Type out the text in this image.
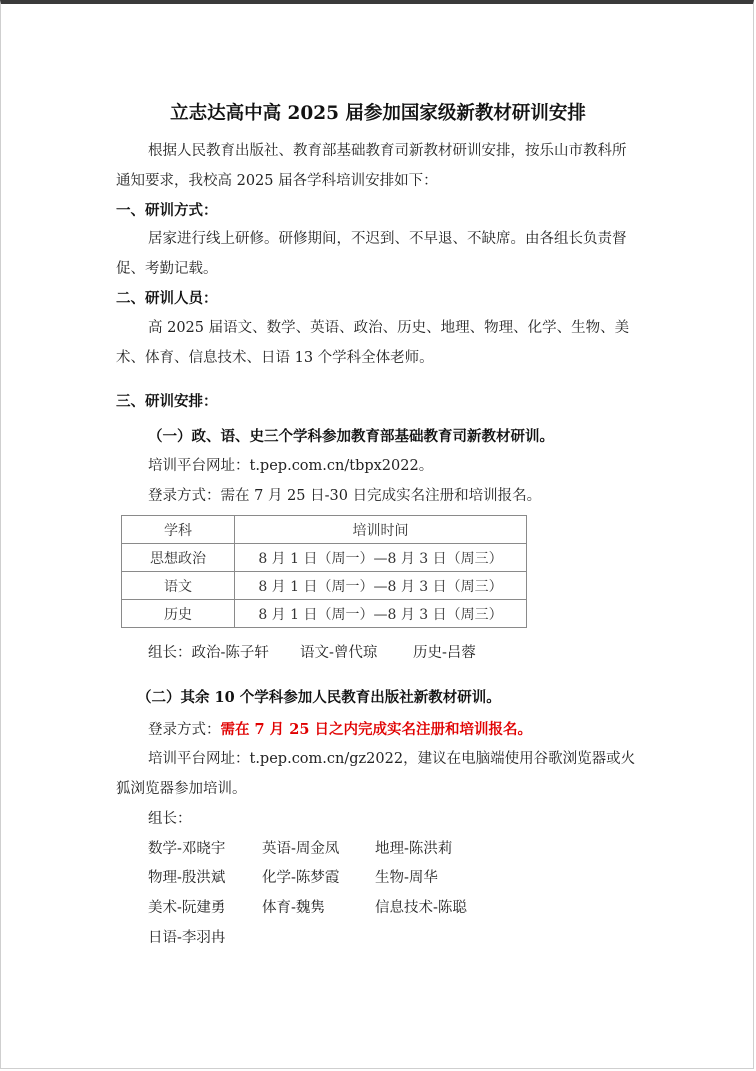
立志达高中高 2025 届参加国家级新教材研训安排
根据人民教育出版社、教育部基础教育司新教材研训安排，按乐山市教科所
通知要求，我校高 2025 届各学科培训安排如下：
一、研训方式：
居家进行线上研修。研修期间，不迟到、不早退、不缺席。由各组长负责督
促、考勤记载。
二、研训人员：
高 2025 届语文、数学、英语、政治、历史、地理、物理、化学、生物、美
术、体育、信息技术、日语 13 个学科全体老师。
三、研训安排：
（一）政、语、史三个学科参加教育部基础教育司新教材研训。
培训平台网址：t.pep.com.cn/tbpx2022。
登录方式：需在 7 月 25 日-30 日完成实名注册和培训报名。
学科	培训时间
思想政治	8 月 1 日（周一）—8 月 3 日（周三）
语文	8 月 1 日（周一）—8 月 3 日（周三）
历史	8 月 1 日（周一）—8 月 3 日（周三）
组长：政治-陈子轩 语文-曾代琼 历史-吕蓉
（二）其余 10 个学科参加人民教育出版社新教材研训。
登录方式：需在 7 月 25 日之内完成实名注册和培训报名。
培训平台网址：t.pep.com.cn/gz2022，建议在电脑端使用谷歌浏览器或火
狐浏览器参加培训。
组长：
数学-邓晓宇	英语-周金凤 地理-陈洪莉
物理-殷洪斌	化学-陈梦霞 生物-周华
美术-阮建勇	体育-魏隽	信息技术-陈聪
日语-李羽冉
